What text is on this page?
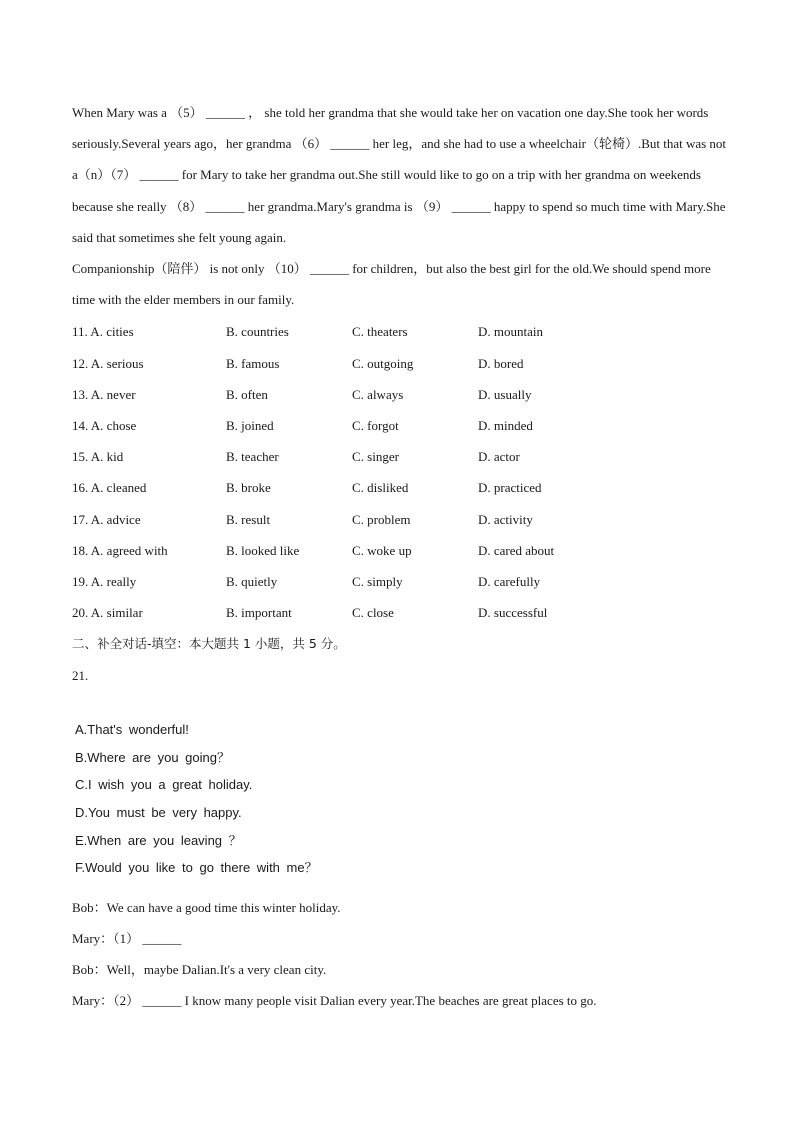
When Mary was a （5） ______ ， she told her grandma that she would take her on vacation one day.She took her words seriously.Several years ago，her grandma （6） ______ her leg，and she had to use a wheelchair（轮椅）.But that was not a（n）（7） ______ for Mary to take her grandma out.She still would like to go on a trip with her grandma on weekends because she really （8） ______ her grandma.Mary's grandma is （9） ______ happy to spend so much time with Mary.She said that sometimes she felt young again.

Companionship（陪伴） is not only （10） ______ for children，but also the best girl for the old.We should spend more time with the elder members in our family.

11. A. cities	B. countries	C. theaters	D. mountain
12. A. serious	B. famous	C. outgoing	D. bored
13. A. never	B. often	C. always	D. usually
14. A. chose	B. joined	C. forgot	D. minded
15. A. kid	B. teacher	C. singer	D. actor
16. A. cleaned	B. broke	C. disliked	D. practiced
17. A. advice	B. result	C. problem	D. activity
18. A. agreed with	B. looked like	C. woke up	D. cared about
19. A. really	B. quietly	C. simply	D. carefully
20. A. similar	B. important	C. close	D. successful
二、补全对话-填空：本大题共 1 小题，共 5 分。
21.
A.That's wonderful!
B.Where are you going？
C.I wish you a great holiday.
D.You must be very happy.
E.When are you leaving ？
F.Would you like to go there with me？
Bob：We can have a good time this winter holiday.
Mary：（1） ______
Bob：Well，maybe Dalian.It's a very clean city.
Mary：（2） ______ I know many people visit Dalian every year.The beaches are great places to go.
